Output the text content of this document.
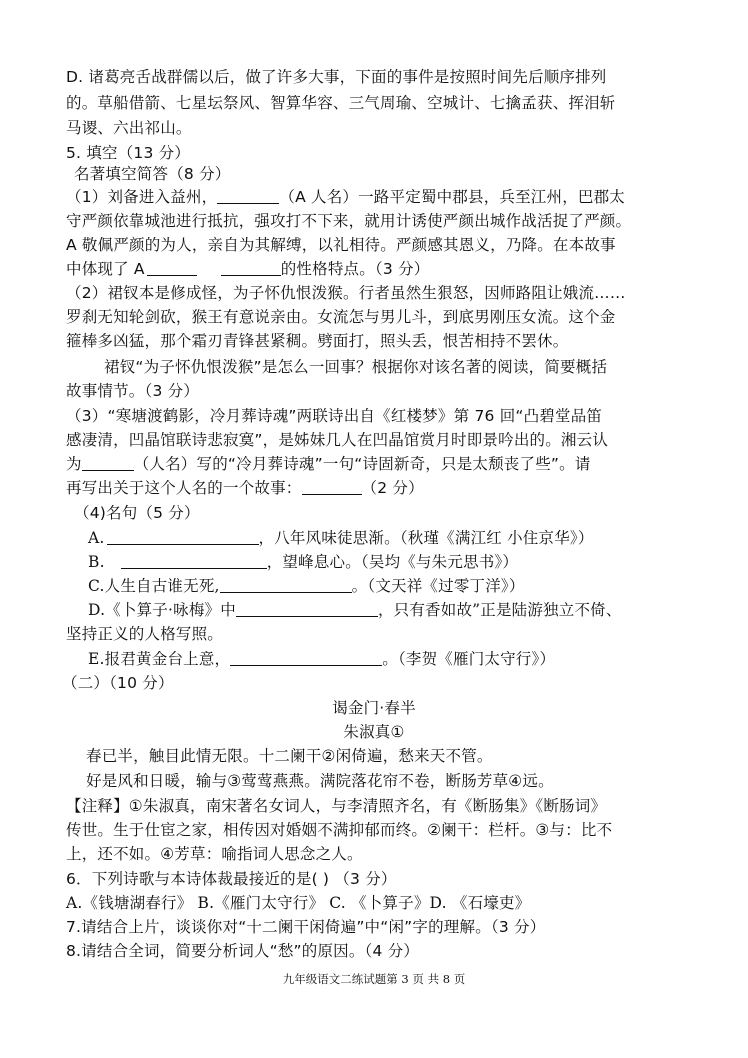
D. 诸葛亮舌战群儒以后，做了许多大事，下面的事件是按照时间先后顺序排列
的。草船借箭、七星坛祭风、智算华容、三气周瑜、空城计、七擒孟获、挥泪斩
马谡、六出祁山。
5. 填空（13 分）
名著填空简答（8 分）
（1）刘备进入益州，	（A 人名）一路平定蜀中郡县，兵至江州，巴郡太
守严颜依靠城池进行抵抗，强攻打不下来，就用计诱使严颜出城作战活捉了严颜。
A 敬佩严颜的为人，亲自为其解缚，以礼相待。严颜感其恩义，乃降。在本故事
中体现了 A	的性格特点。（3 分）
（2）裙钗本是修成怪，为子怀仇恨泼猴。行者虽然生狠怒，因师路阻让娥流……
罗刹无知轮剑砍，猴王有意说亲由。女流怎与男儿斗，到底男刚压女流。这个金
箍棒多凶猛，那个霜刃青锋甚紧稠。劈面打，照头丢，恨苦相持不罢休。
裙钗“为子怀仇恨泼猴”是怎么一回事？根据你对该名著的阅读，简要概括
故事情节。（3 分）
（3）“寒塘渡鹤影，冷月葬诗魂”两联诗出自《红楼梦》第 76 回“凸碧堂品笛
感凄清，凹晶馆联诗悲寂寞”，是姊妹几人在凹晶馆赏月时即景吟出的。湘云认
为	（人名）写的“冷月葬诗魂”一句“诗固新奇，只是太颓丧了些”。请
再写出关于这个人名的一个故事：	（2 分）
（4)名句（5 分）
A.	，八年风味徒思渐。（秋瑾《满江红 小住京华》）
B.	，望峰息心。（吴均《与朱元思书》）
C.人生自古谁无死,	。（文天祥《过零丁洋》）
D.《卜算子·咏梅》中	，只有香如故”正是陆游独立不倚、
坚持正义的人格写照。
E.报君黄金台上意，	。（李贺《雁门太守行》）
（二）（10 分）
谒金门·春半
朱淑真①
春已半，触目此情无限。十二阑干②闲倚遍，愁来天不管。
好是风和日暖，输与③莺莺燕燕。满院落花帘不卷，断肠芳草④远。
【注释】①朱淑真，南宋著名女词人，与李清照齐名，有《断肠集》《断肠词》
传世。生于仕宦之家，相传因对婚姻不满抑郁而终。②阑干：栏杆。③与：比不
上，还不如。④芳草：喻指词人思念之人。
6．下列诗歌与本诗体裁最接近的是( ) （3 分）
A.《钱塘湖春行》 B.《雁门太守行》 C. 《卜算子》D. 《石壕吏》
7.请结合上片，谈谈你对“十二阑干闲倚遍”中“闲”字的理解。（3 分）
8.请结合全词，简要分析词人“愁”的原因。（4 分）
九年级语文二练试题第 3 页 共 8 页
